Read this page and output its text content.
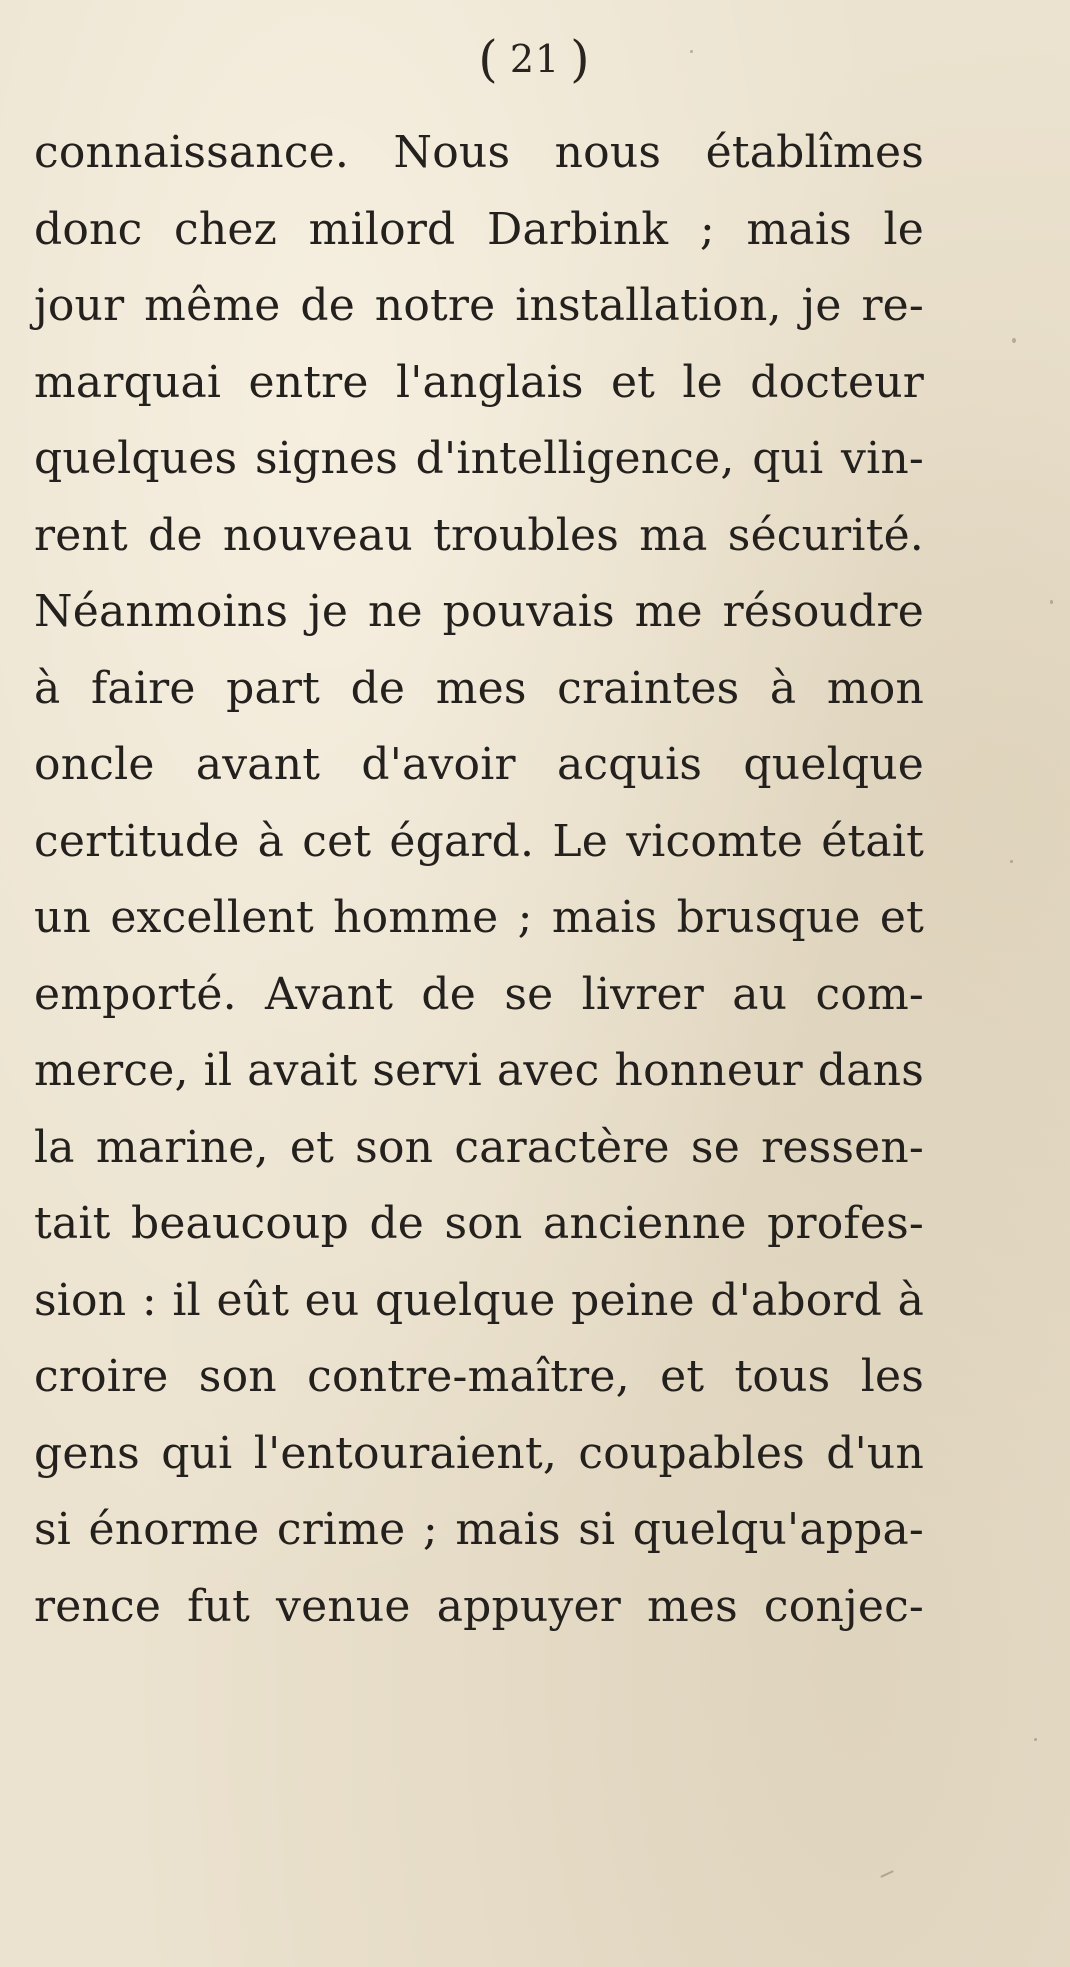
( 21 )
connaissance. Nous nous établîmes
donc chez milord Darbink ; mais le
jour même de notre installation, je re-
marquai entre l'anglais et le docteur
quelques signes d'intelligence, qui vin-
rent de nouveau troubles ma sécurité.
Néanmoins je ne pouvais me résoudre
à faire part de mes craintes à mon
oncle avant d'avoir acquis quelque
certitude à cet égard. Le vicomte était
un excellent homme ; mais brusque et
emporté. Avant de se livrer au com-
merce, il avait servi avec honneur dans
la marine, et son caractère se ressen-
tait beaucoup de son ancienne profes-
sion : il eût eu quelque peine d'abord à
croire son contre-maître, et tous les
gens qui l'entouraient, coupables d'un
si énorme crime ; mais si quelqu'appa-
rence fut venue appuyer mes conjec-
